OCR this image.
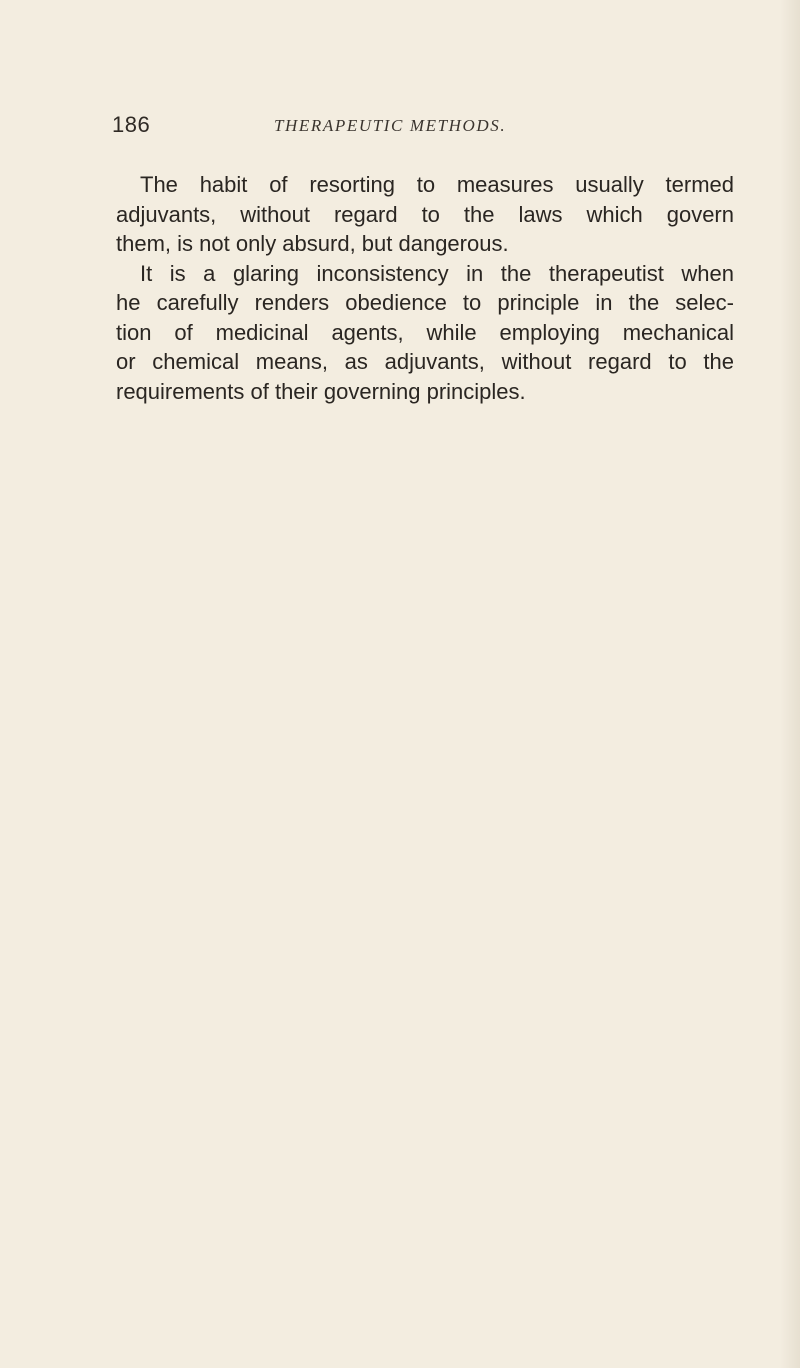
186	THERAPEUTIC METHODS.
The habit of resorting to measures usually termed
adjuvants, without regard to the laws which govern
them, is not only absurd, but dangerous.
It is a glaring inconsistency in the therapeutist when
he carefully renders obedience to principle in the selec-
tion of medicinal agents, while employing mechanical
or chemical means, as adjuvants, without regard to the
requirements of their governing principles.
